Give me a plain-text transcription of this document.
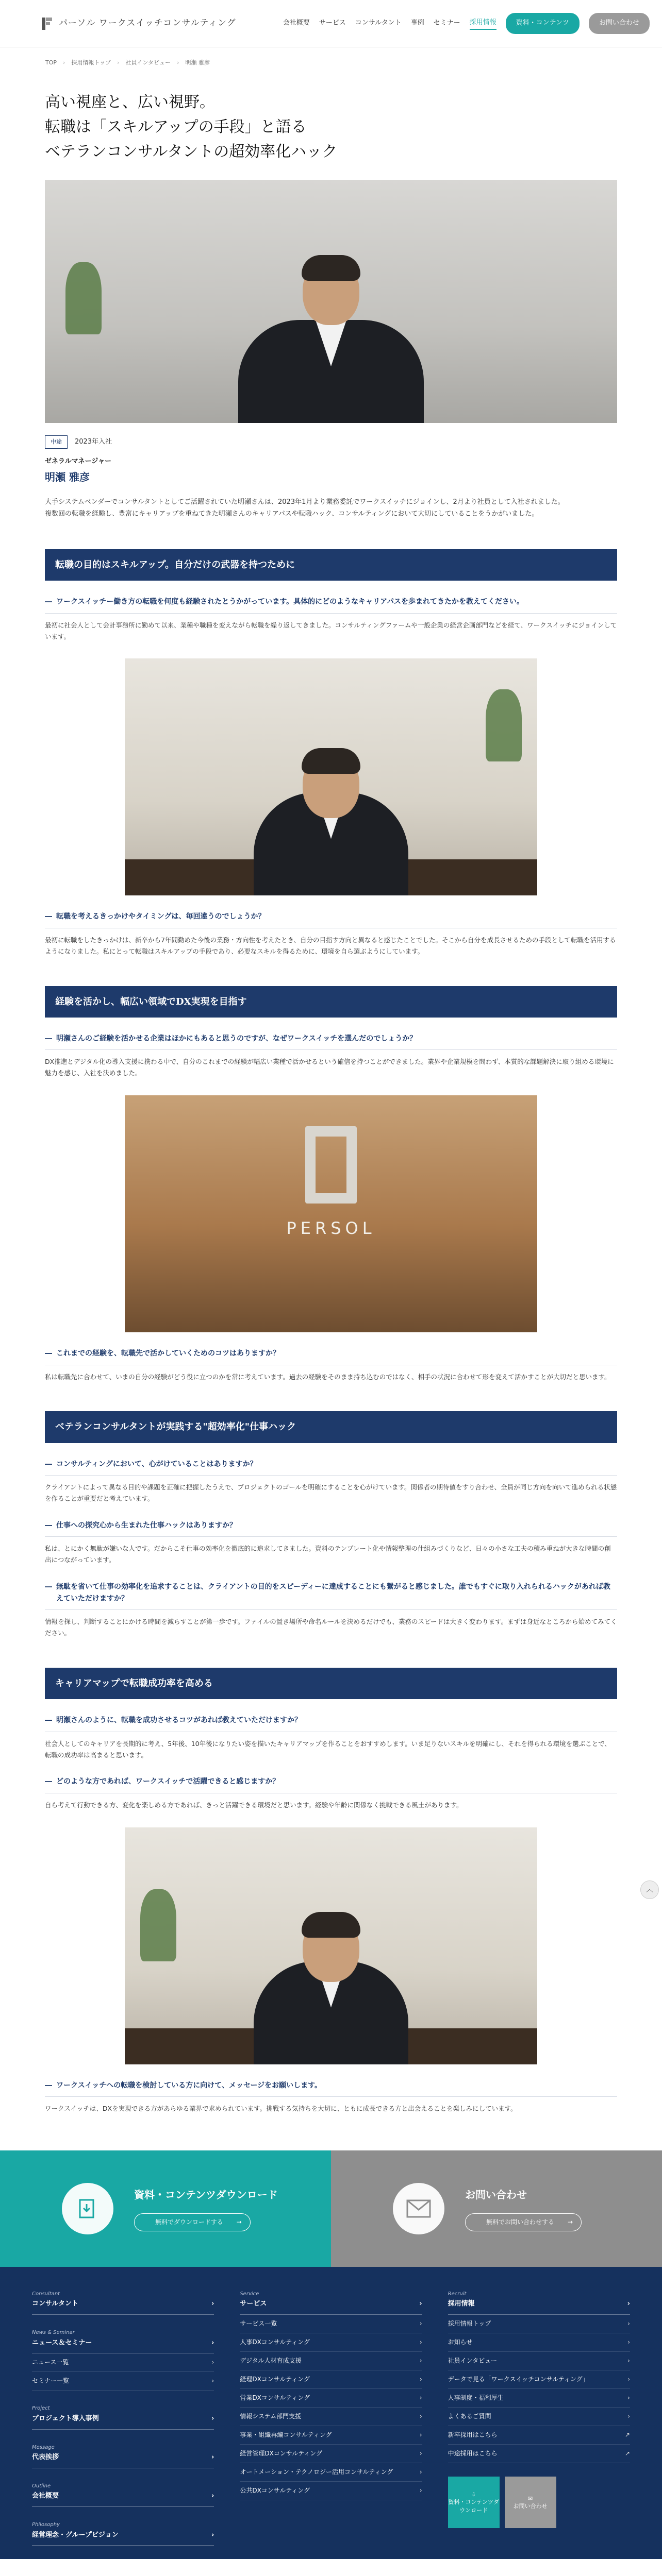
パーソル ワークスイッチコンサルティング	会社概要 サービス コンサルタント 事例 セミナー 採用情報	資料・コンテンツ	お問い合わせ
TOP › 採用情報トップ › 社員インタビュー › 明瀬 雅彦
高い視座と、広い視野。
転職は「スキルアップの手段」と語る
ベテランコンサルタントの超効率化ハック
中途	2023年入社
ゼネラルマネージャー
明瀬 雅彦

大手システムベンダーでコンサルタントとしてご活躍されていた明瀬さんは、2023年1月より業務委託でワークスイッチにジョインし、2月より社員として入社されました。

複数回の転職を経験し、豊富にキャリアップを重ねてきた明瀬さんのキャリアパスや転職ハック、コンサルティングにおいて大切にしていることをうかがいました。

転職の目的はスキルアップ。自分だけの武器を持つために
― ワークスイッチー働き方の転職を何度も経験されたとうかがっています。具体的にどのようなキャリアパスを歩まれてきたかを教えてください。

最初に社会人として会計事務所に勤めて以来、業種や職種を変えながら転職を繰り返してきました。コンサルティングファームや一般企業の経営企画部門などを経て、ワークスイッチにジョインしています。

― 転職を考えるきっかけやタイミングは、毎回違うのでしょうか？

最初に転職をしたきっかけは、新卒から7年間勤めた今後の業務・方向性を考えたとき、自分の目指す方向と異なると感じたことでした。そこから自分を成長させるための手段として転職を活用するようになりました。私にとって転職はスキルアップの手段であり、必要なスキルを得るために、環境を自ら選ぶようにしています。

経験を活かし、幅広い領域でDX実現を目指す
― 明瀬さんのご経験を活かせる企業はほかにもあると思うのですが、なぜワークスイッチを選んだのでしょうか？

DX推進とデジタル化の導入支援に携わる中で、自分のこれまでの経験が幅広い業種で活かせるという確信を持つことができました。業界や企業規模を問わず、本質的な課題解決に取り組める環境に魅力を感じ、入社を決めました。

PERSOL
― これまでの経験を、転職先で活かしていくためのコツはありますか？

私は転職先に合わせて、いまの自分の経験がどう役に立つのかを常に考えています。過去の経験をそのまま持ち込むのではなく、相手の状況に合わせて形を変えて活かすことが大切だと思います。

ベテランコンサルタントが実践する"超効率化"仕事ハック
― コンサルティングにおいて、心がけていることはありますか？

クライアントによって異なる目的や課題を正確に把握したうえで、プロジェクトのゴールを明確にすることを心がけています。関係者の期待値をすり合わせ、全員が同じ方向を向いて進められる状態を作ることが重要だと考えています。

― 仕事への探究心から生まれた仕事ハックはありますか？

私は、とにかく無駄が嫌いな人です。だからこそ仕事の効率化を徹底的に追求してきました。資料のテンプレート化や情報整理の仕組みづくりなど、日々の小さな工夫の積み重ねが大きな時間の創出につながっています。

― 無駄を省いて仕事の効率化を追求することは、クライアントの目的をスピーディーに達成することにも繋がると感じました。誰でもすぐに取り入れられるハックがあれば教えていただけますか？

情報を探し、判断することにかける時間を減らすことが第一歩です。ファイルの置き場所や命名ルールを決めるだけでも、業務のスピードは大きく変わります。まずは身近なところから始めてみてください。

キャリアマップで転職成功率を高める
― 明瀬さんのように、転職を成功させるコツがあれば教えていただけますか？

社会人としてのキャリアを長期的に考え、5年後、10年後になりたい姿を描いたキャリアマップを作ることをおすすめします。いま足りないスキルを明確にし、それを得られる環境を選ぶことで、転職の成功率は高まると思います。

― どのような方であれば、ワークスイッチで活躍できると感じますか？

自ら考えて行動できる方、変化を楽しめる方であれば、きっと活躍できる環境だと思います。経験や年齢に関係なく挑戦できる風土があります。

― ワークスイッチへの転職を検討している方に向けて、メッセージをお願いします。

ワークスイッチは、DXを実現できる方があらゆる業界で求められています。挑戦する気持ちを大切に、ともに成長できる方と出会えることを楽しみにしています。

資料・コンテンツダウンロード
無料でダウンロードする →
お問い合わせ
無料でお問い合わせする →
Consultant
コンサルタント	›
News & Seminar
ニュース＆セミナー	›
ニュース一覧	›
セミナー一覧	›
Project
プロジェクト導入事例	›
Message
代表挨拶	›
Outline
会社概要	›
Philosophy
経営理念・グループビジョン	›
Service
サービス	›
サービス一覧	›
人事DXコンサルティング	›
デジタル人材育成支援	›
経理DXコンサルティング	›
営業DXコンサルティング	›
情報システム部門支援	›
事業・組織再編コンサルティング	›
経営管理DXコンサルティング	›
オートメーション・テクノロジー活用コンサルティング	›
公共DXコンサルティング	›
Recruit
採用情報	›
採用情報トップ	›
お知らせ	›
社員インタビュー	›
データで見る「ワークスイッチコンサルティング」	›
人事制度・福利厚生	›
よくあるご質問	›
新卒採用はこちら	↗
中途採用はこちら	↗
⇩
資料・コンテンツダウンロード
✉
お問い合わせ
︿
